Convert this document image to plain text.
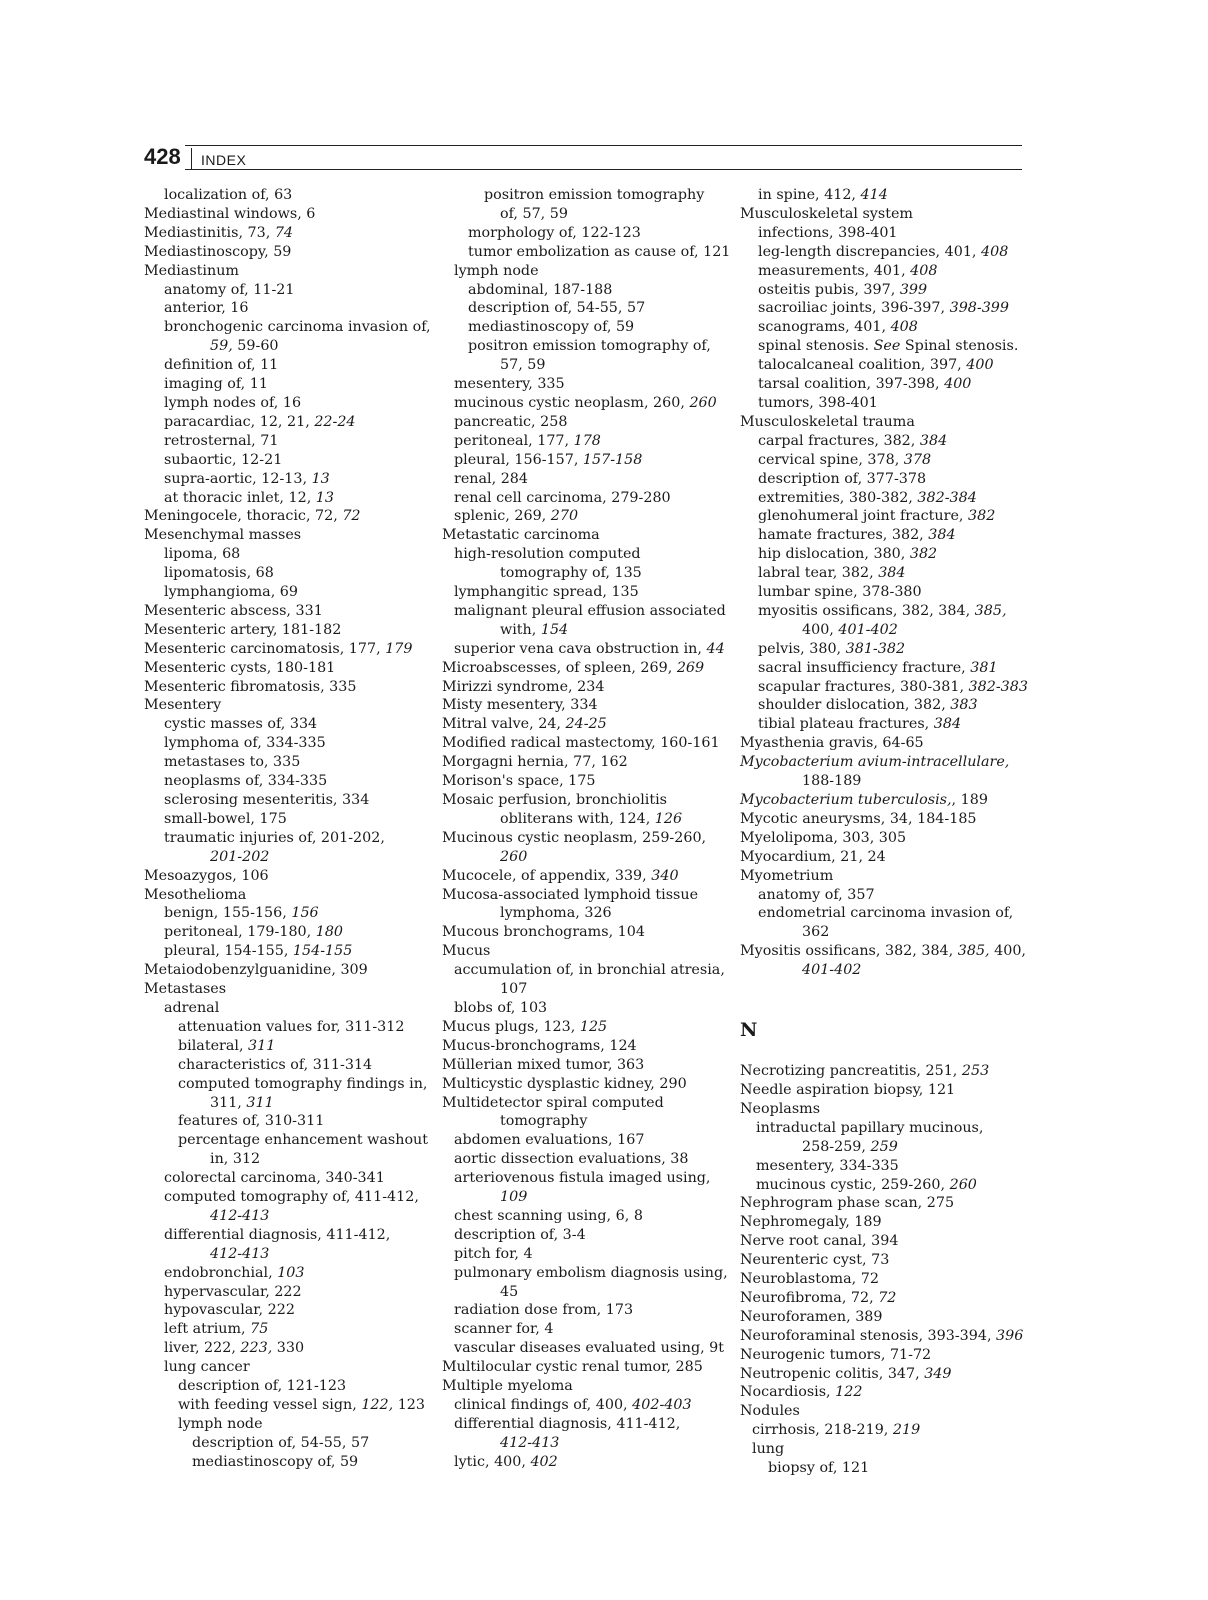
428 INDEX
localization of, 63
Mediastinal windows, 6
Mediastinitis, 73, 74
Mediastinoscopy, 59
Mediastinum
anatomy of, 11-21
anterior, 16
bronchogenic carcinoma invasion of,
59, 59-60
definition of, 11
imaging of, 11
lymph nodes of, 16
paracardiac, 12, 21, 22-24
retrosternal, 71
subaortic, 12-21
supra-aortic, 12-13, 13
at thoracic inlet, 12, 13
Meningocele, thoracic, 72, 72
Mesenchymal masses
lipoma, 68
lipomatosis, 68
lymphangioma, 69
Mesenteric abscess, 331
Mesenteric artery, 181-182
Mesenteric carcinomatosis, 177, 179
Mesenteric cysts, 180-181
Mesenteric fibromatosis, 335
Mesentery
cystic masses of, 334
lymphoma of, 334-335
metastases to, 335
neoplasms of, 334-335
sclerosing mesenteritis, 334
small-bowel, 175
traumatic injuries of, 201-202,
201-202
Mesoazygos, 106
Mesothelioma
benign, 155-156, 156
peritoneal, 179-180, 180
pleural, 154-155, 154-155
Metaiodobenzylguanidine, 309
Metastases
adrenal
attenuation values for, 311-312
bilateral, 311
characteristics of, 311-314
computed tomography findings in,
311, 311
features of, 310-311
percentage enhancement washout
in, 312
colorectal carcinoma, 340-341
computed tomography of, 411-412,
412-413
differential diagnosis, 411-412,
412-413
endobronchial, 103
hypervascular, 222
hypovascular, 222
left atrium, 75
liver, 222, 223, 330
lung cancer
description of, 121-123
with feeding vessel sign, 122, 123
lymph node
description of, 54-55, 57
mediastinoscopy of, 59
positron emission tomography
of, 57, 59
morphology of, 122-123
tumor embolization as cause of, 121
lymph node
abdominal, 187-188
description of, 54-55, 57
mediastinoscopy of, 59
positron emission tomography of,
57, 59
mesentery, 335
mucinous cystic neoplasm, 260, 260
pancreatic, 258
peritoneal, 177, 178
pleural, 156-157, 157-158
renal, 284
renal cell carcinoma, 279-280
splenic, 269, 270
Metastatic carcinoma
high-resolution computed
tomography of, 135
lymphangitic spread, 135
malignant pleural effusion associated
with, 154
superior vena cava obstruction in, 44
Microabscesses, of spleen, 269, 269
Mirizzi syndrome, 234
Misty mesentery, 334
Mitral valve, 24, 24-25
Modified radical mastectomy, 160-161
Morgagni hernia, 77, 162
Morison's space, 175
Mosaic perfusion, bronchiolitis
obliterans with, 124, 126
Mucinous cystic neoplasm, 259-260,
260
Mucocele, of appendix, 339, 340
Mucosa-associated lymphoid tissue
lymphoma, 326
Mucous bronchograms, 104
Mucus
accumulation of, in bronchial atresia,
107
blobs of, 103
Mucus plugs, 123, 125
Mucus-bronchograms, 124
Müllerian mixed tumor, 363
Multicystic dysplastic kidney, 290
Multidetector spiral computed
tomography
abdomen evaluations, 167
aortic dissection evaluations, 38
arteriovenous fistula imaged using,
109
chest scanning using, 6, 8
description of, 3-4
pitch for, 4
pulmonary embolism diagnosis using,
45
radiation dose from, 173
scanner for, 4
vascular diseases evaluated using, 9t
Multilocular cystic renal tumor, 285
Multiple myeloma
clinical findings of, 400, 402-403
differential diagnosis, 411-412,
412-413
lytic, 400, 402
in spine, 412, 414
Musculoskeletal system
infections, 398-401
leg-length discrepancies, 401, 408
measurements, 401, 408
osteitis pubis, 397, 399
sacroiliac joints, 396-397, 398-399
scanograms, 401, 408
spinal stenosis. See Spinal stenosis.
talocalcaneal coalition, 397, 400
tarsal coalition, 397-398, 400
tumors, 398-401
Musculoskeletal trauma
carpal fractures, 382, 384
cervical spine, 378, 378
description of, 377-378
extremities, 380-382, 382-384
glenohumeral joint fracture, 382
hamate fractures, 382, 384
hip dislocation, 380, 382
labral tear, 382, 384
lumbar spine, 378-380
myositis ossificans, 382, 384, 385,
400, 401-402
pelvis, 380, 381-382
sacral insufficiency fracture, 381
scapular fractures, 380-381, 382-383
shoulder dislocation, 382, 383
tibial plateau fractures, 384
Myasthenia gravis, 64-65
Mycobacterium avium-intracellulare,
188-189
Mycobacterium tuberculosis,, 189
Mycotic aneurysms, 34, 184-185
Myelolipoma, 303, 305
Myocardium, 21, 24
Myometrium
anatomy of, 357
endometrial carcinoma invasion of,
362
Myositis ossificans, 382, 384, 385, 400,
401-402
N
Necrotizing pancreatitis, 251, 253
Needle aspiration biopsy, 121
Neoplasms
intraductal papillary mucinous,
258-259, 259
mesentery, 334-335
mucinous cystic, 259-260, 260
Nephrogram phase scan, 275
Nephromegaly, 189
Nerve root canal, 394
Neurenteric cyst, 73
Neuroblastoma, 72
Neurofibroma, 72, 72
Neuroforamen, 389
Neuroforaminal stenosis, 393-394, 396
Neurogenic tumors, 71-72
Neutropenic colitis, 347, 349
Nocardiosis, 122
Nodules
cirrhosis, 218-219, 219
lung
biopsy of, 121
